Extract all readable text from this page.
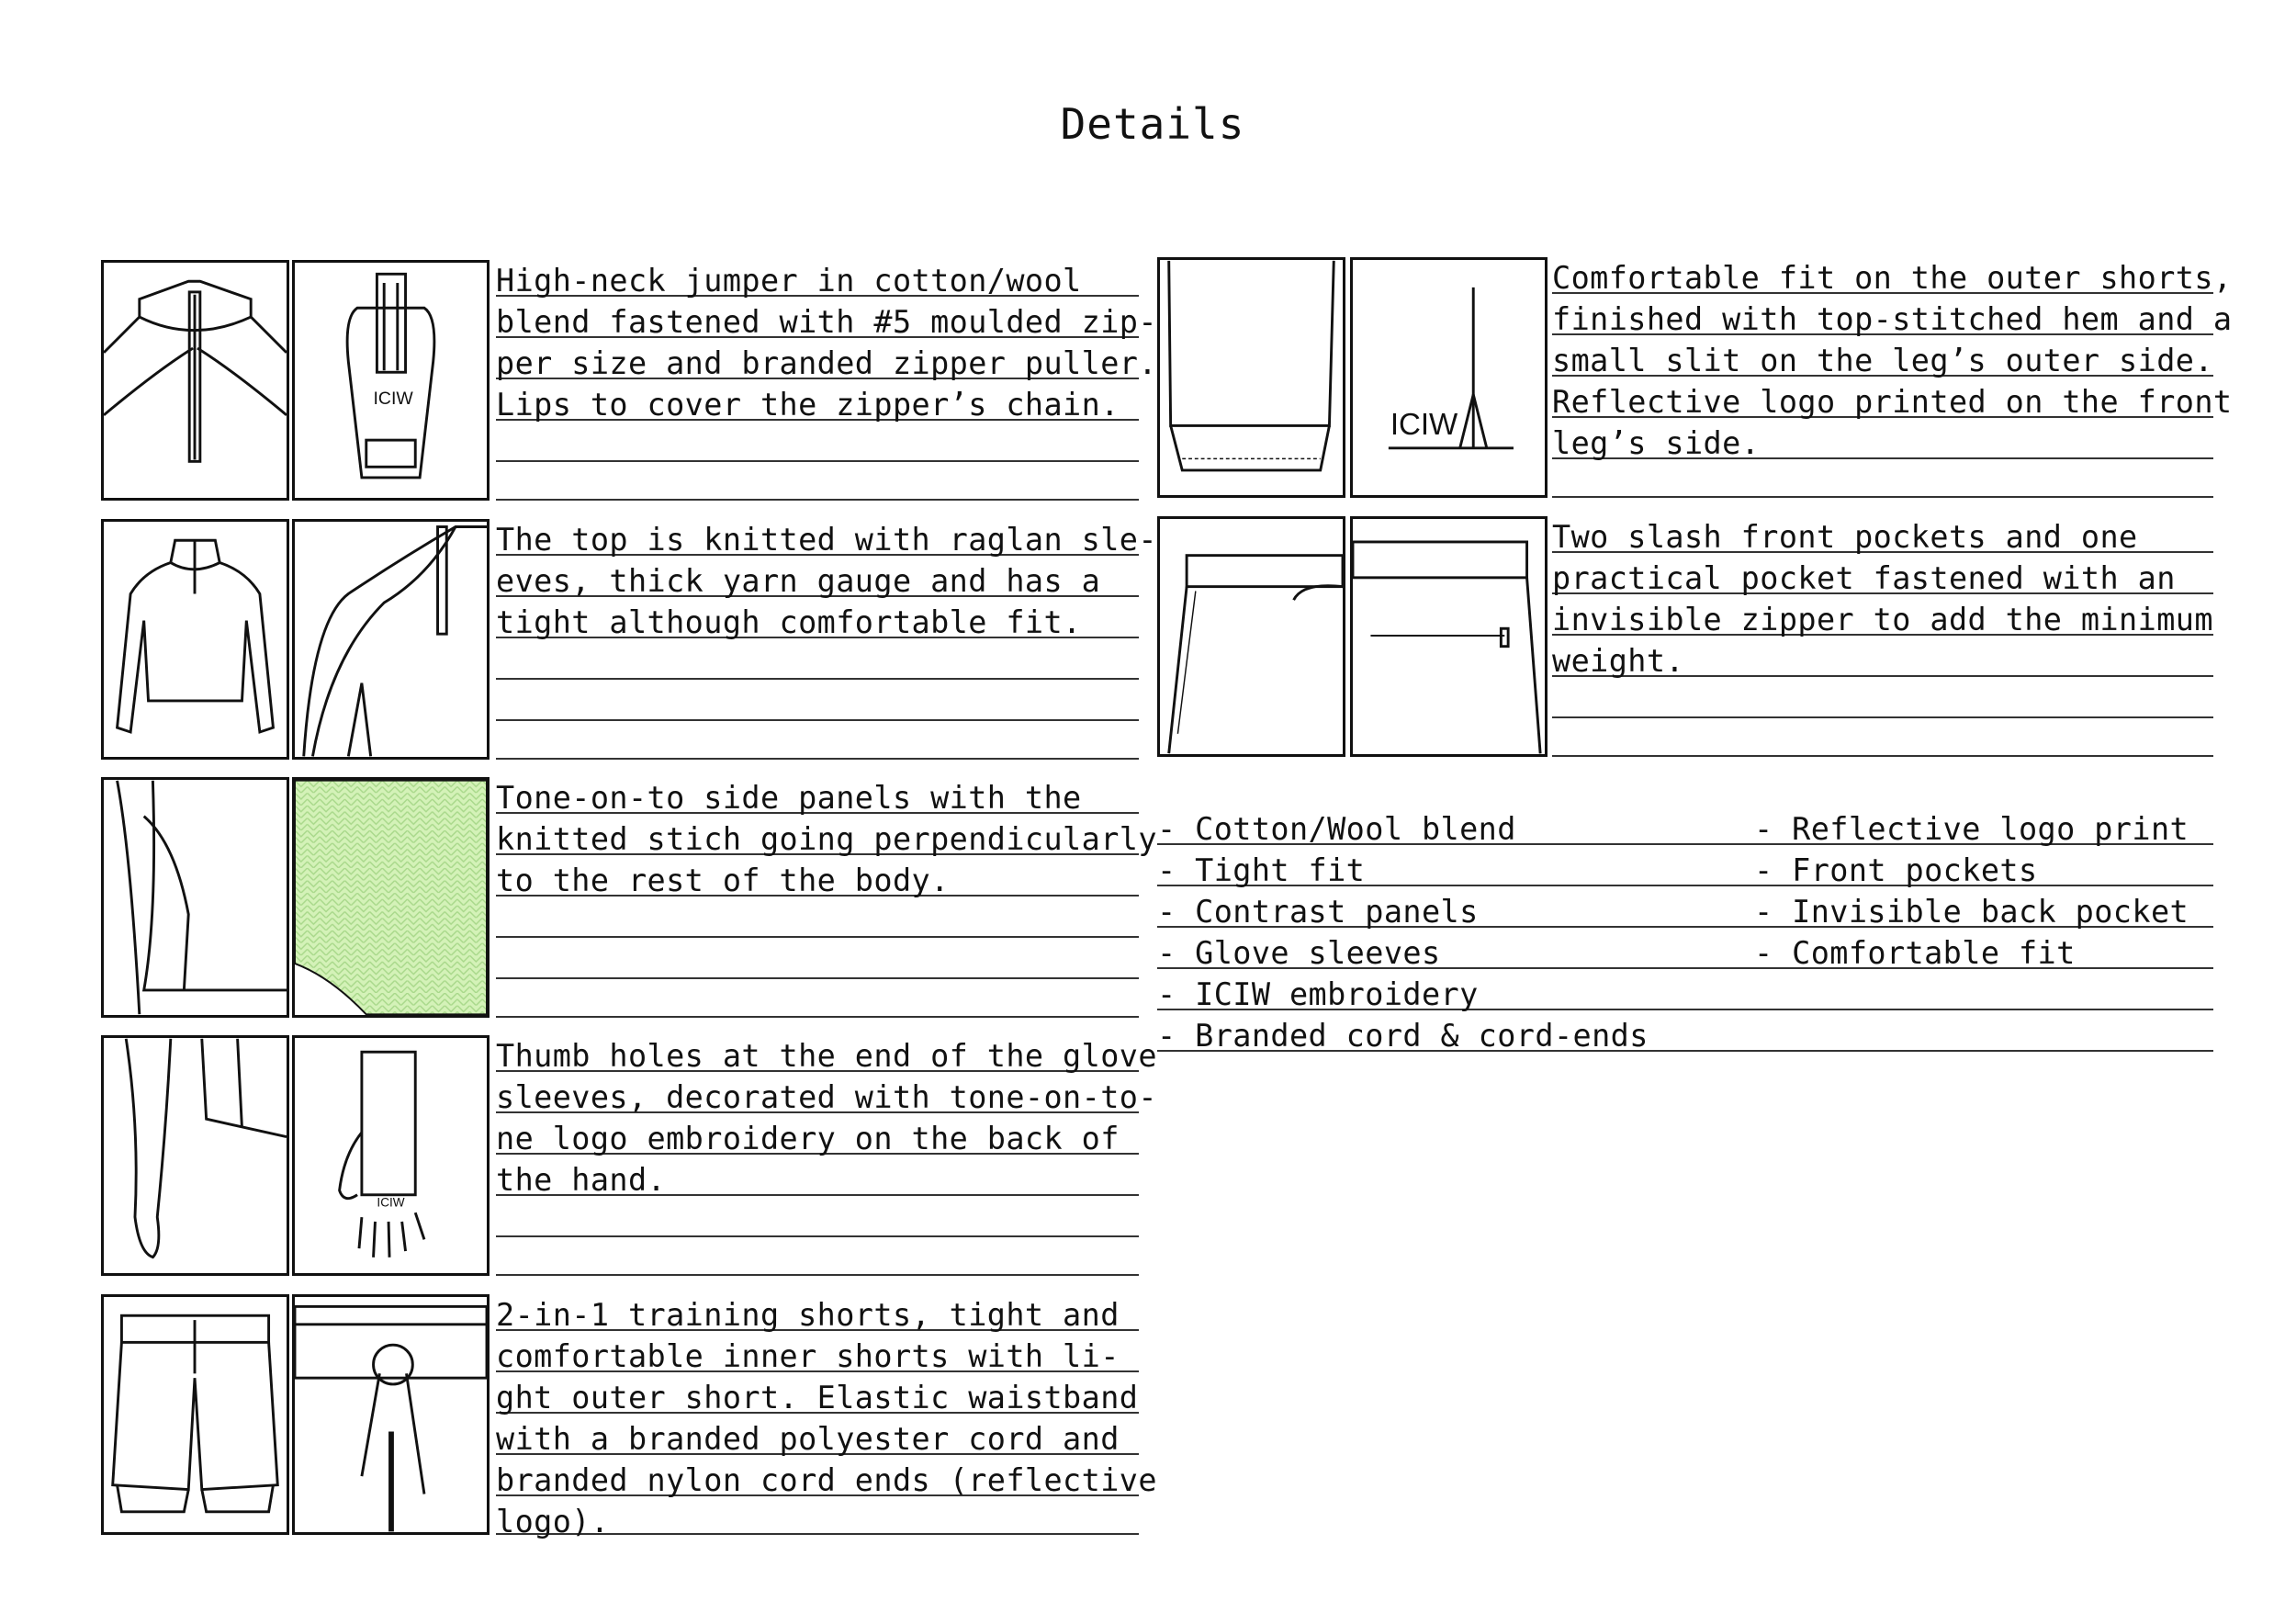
Details
ICIW
High-neck jumper in cotton/wool
blend fastened with #5 moulded zip-
per size and branded zipper puller.
Lips to cover the zipper’s chain.
The top is knitted with raglan sle-
eves, thick yarn gauge and has a
tight although comfortable fit.
Tone-on-to side panels with the
knitted stich going perpendicularly
to the rest of the body.
ICIW
Thumb holes at the end of the glove
sleeves, decorated with tone-on-to-
ne logo embroidery on the back of
the hand.
2-in-1 training shorts, tight and
comfortable inner shorts with li-
ght outer short. Elastic waistband
with a branded polyester cord and
branded nylon cord ends (reflective
logo).
ICIW
Comfortable fit on the outer shorts,
finished with top-stitched hem and a
small slit on the leg’s outer side.
Reflective logo printed on the front
leg’s side.
Two slash front pockets and one
practical pocket fastened with an
invisible zipper to add the minimum
weight.
- Cotton/Wool blend
- Tight fit
- Contrast panels
- Glove sleeves
- ICIW embroidery
- Branded cord & cord-ends
- Reflective logo print
- Front pockets
- Invisible back pocket
- Comfortable fit
